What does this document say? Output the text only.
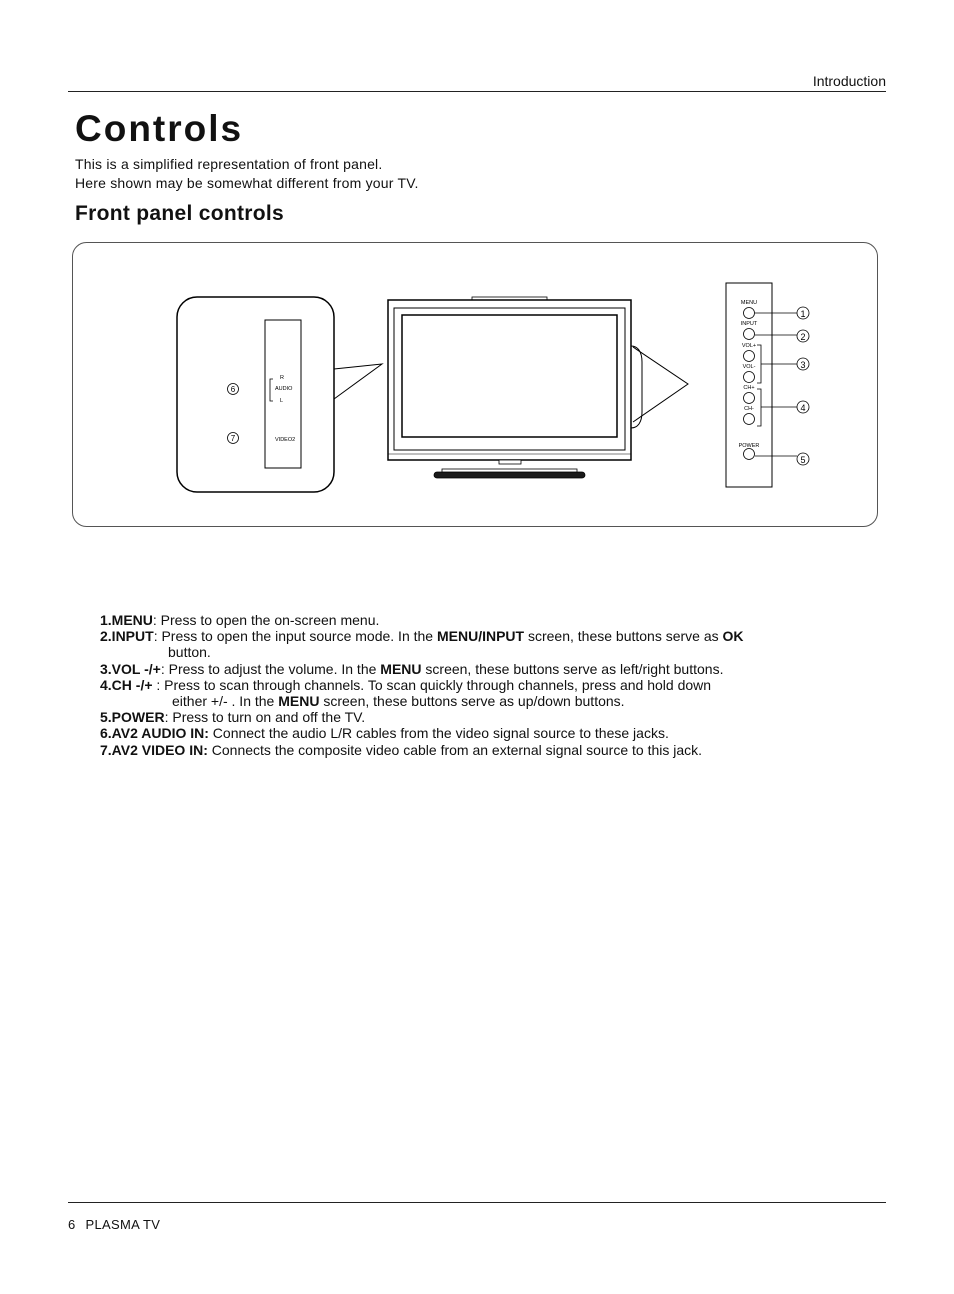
Introduction
Controls
This is a simplified representation of front panel.
Here shown may be somewhat different from your TV.
Front panel controls
R
AUDIO
L
VIDEO2
6
7
MENU
INPUT
VOL+
VOL-
CH+
CH-
POWER
1
2
3
4
5
1.MENU: Press to open the on-screen menu.
2.INPUT: Press to open the input source mode. In the MENU/INPUT screen, these buttons serve as OK
button.
3.VOL -/+: Press to adjust the volume. In the MENU screen, these buttons serve as left/right buttons.
4.CH -/+ : Press to scan through channels. To scan quickly through channels, press and hold down
either +/- . In the MENU screen, these buttons serve as up/down buttons.
5.POWER: Press to turn on and off the TV.
6.AV2 AUDIO IN: Connect the audio L/R cables from the video signal source to these jacks.
7.AV2 VIDEO IN: Connects the composite video cable from an external signal source to this jack.
6 PLASMA TV
